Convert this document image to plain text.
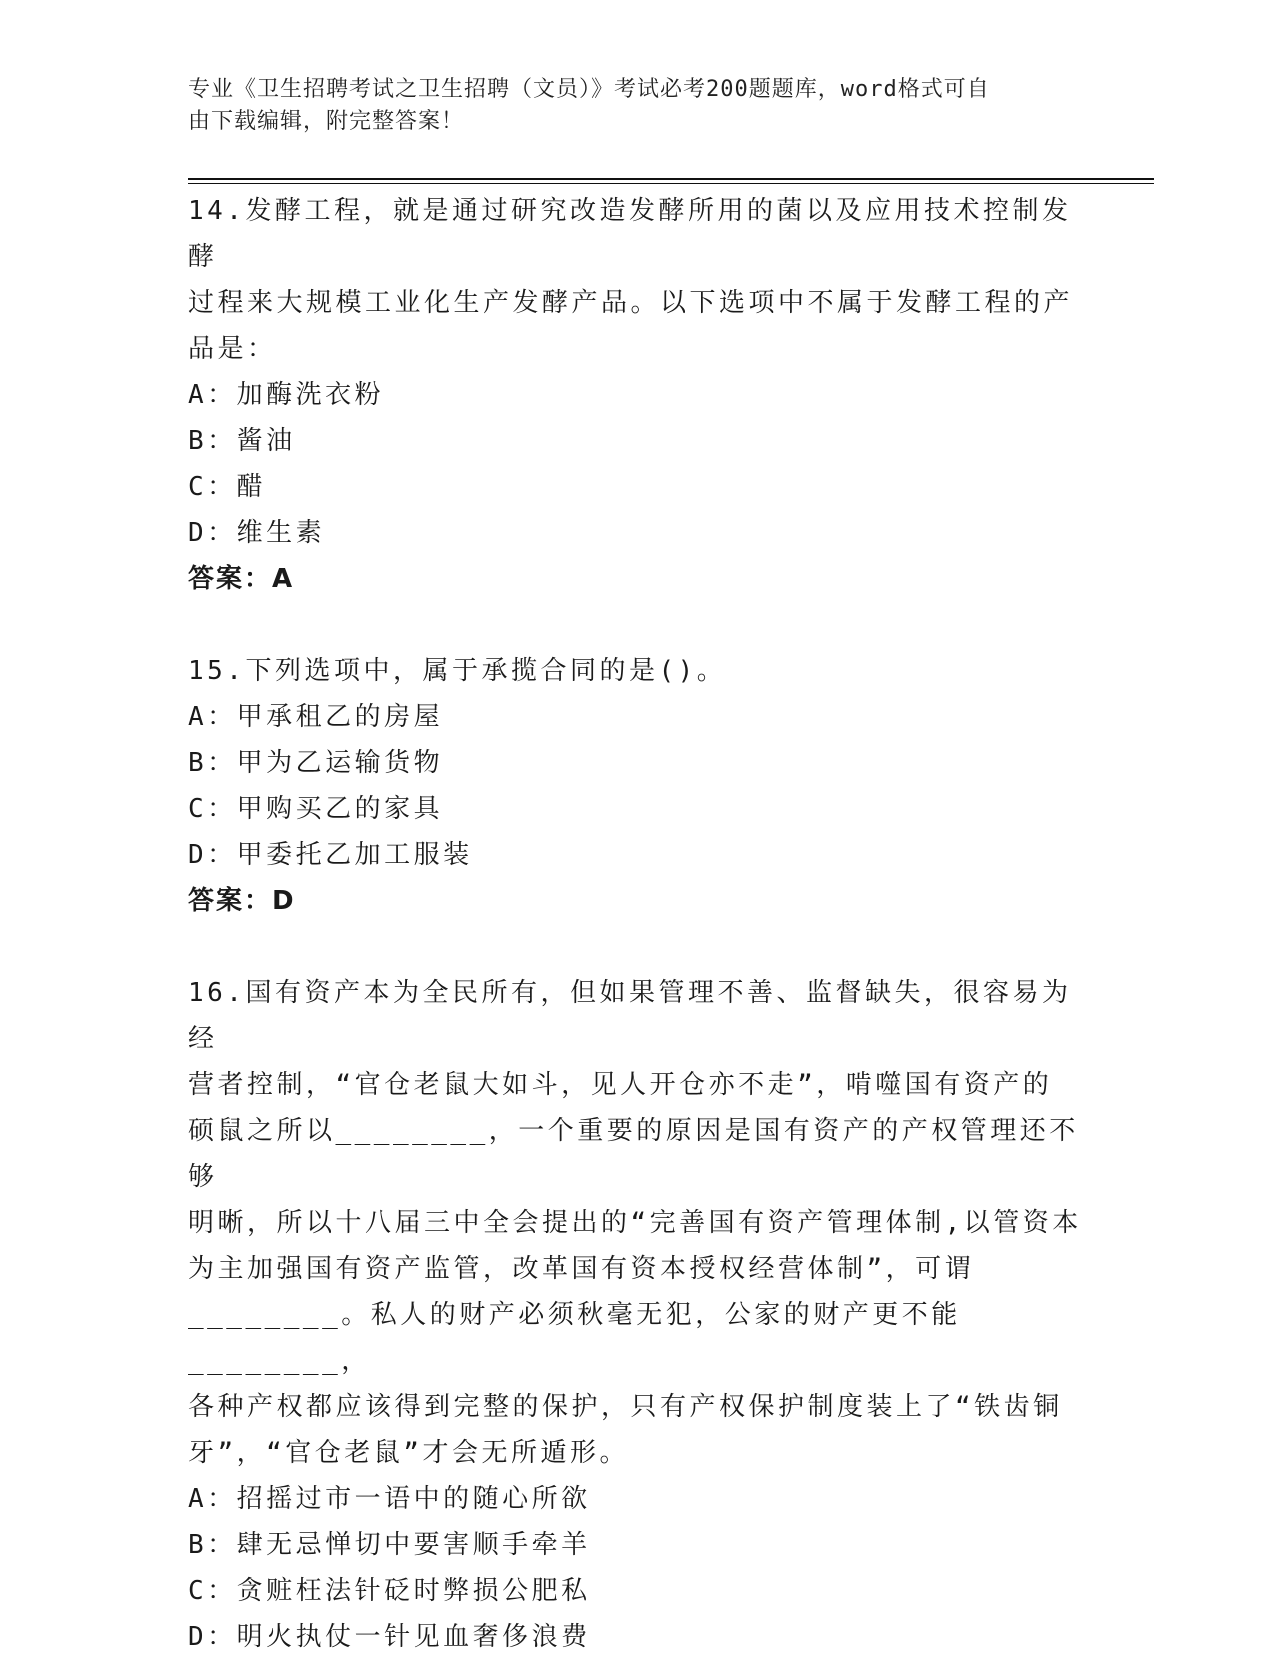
专业《卫生招聘考试之卫生招聘（文员）》考试必考200题题库，word格式可自
由下载编辑，附完整答案！

14.发酵工程，就是通过研究改造发酵所用的菌以及应用技术控制发酵

过程来大规模工业化生产发酵产品。以下选项中不属于发酵工程的产

品是：

A：加酶洗衣粉

B：酱油

C：醋

D：维生素

答案：A

15.下列选项中，属于承揽合同的是()。

A：甲承租乙的房屋

B：甲为乙运输货物

C：甲购买乙的家具

D：甲委托乙加工服装

答案：D

16.国有资产本为全民所有，但如果管理不善、监督缺失，很容易为经

营者控制，“官仓老鼠大如斗，见人开仓亦不走”，啃噬国有资产的

硕鼠之所以________，一个重要的原因是国有资产的产权管理还不够

明晰，所以十八届三中全会提出的“完善国有资产管理体制,以管资本

为主加强国有资产监管，改革国有资本授权经营体制”，可谓

________。私人的财产必须秋毫无犯，公家的财产更不能________，

各种产权都应该得到完整的保护，只有产权保护制度装上了“铁齿铜

牙”，“官仓老鼠”才会无所遁形。

A：招摇过市一语中的随心所欲

B：肆无忌惮切中要害顺手牵羊

C：贪赃枉法针砭时弊损公肥私

D：明火执仗一针见血奢侈浪费
